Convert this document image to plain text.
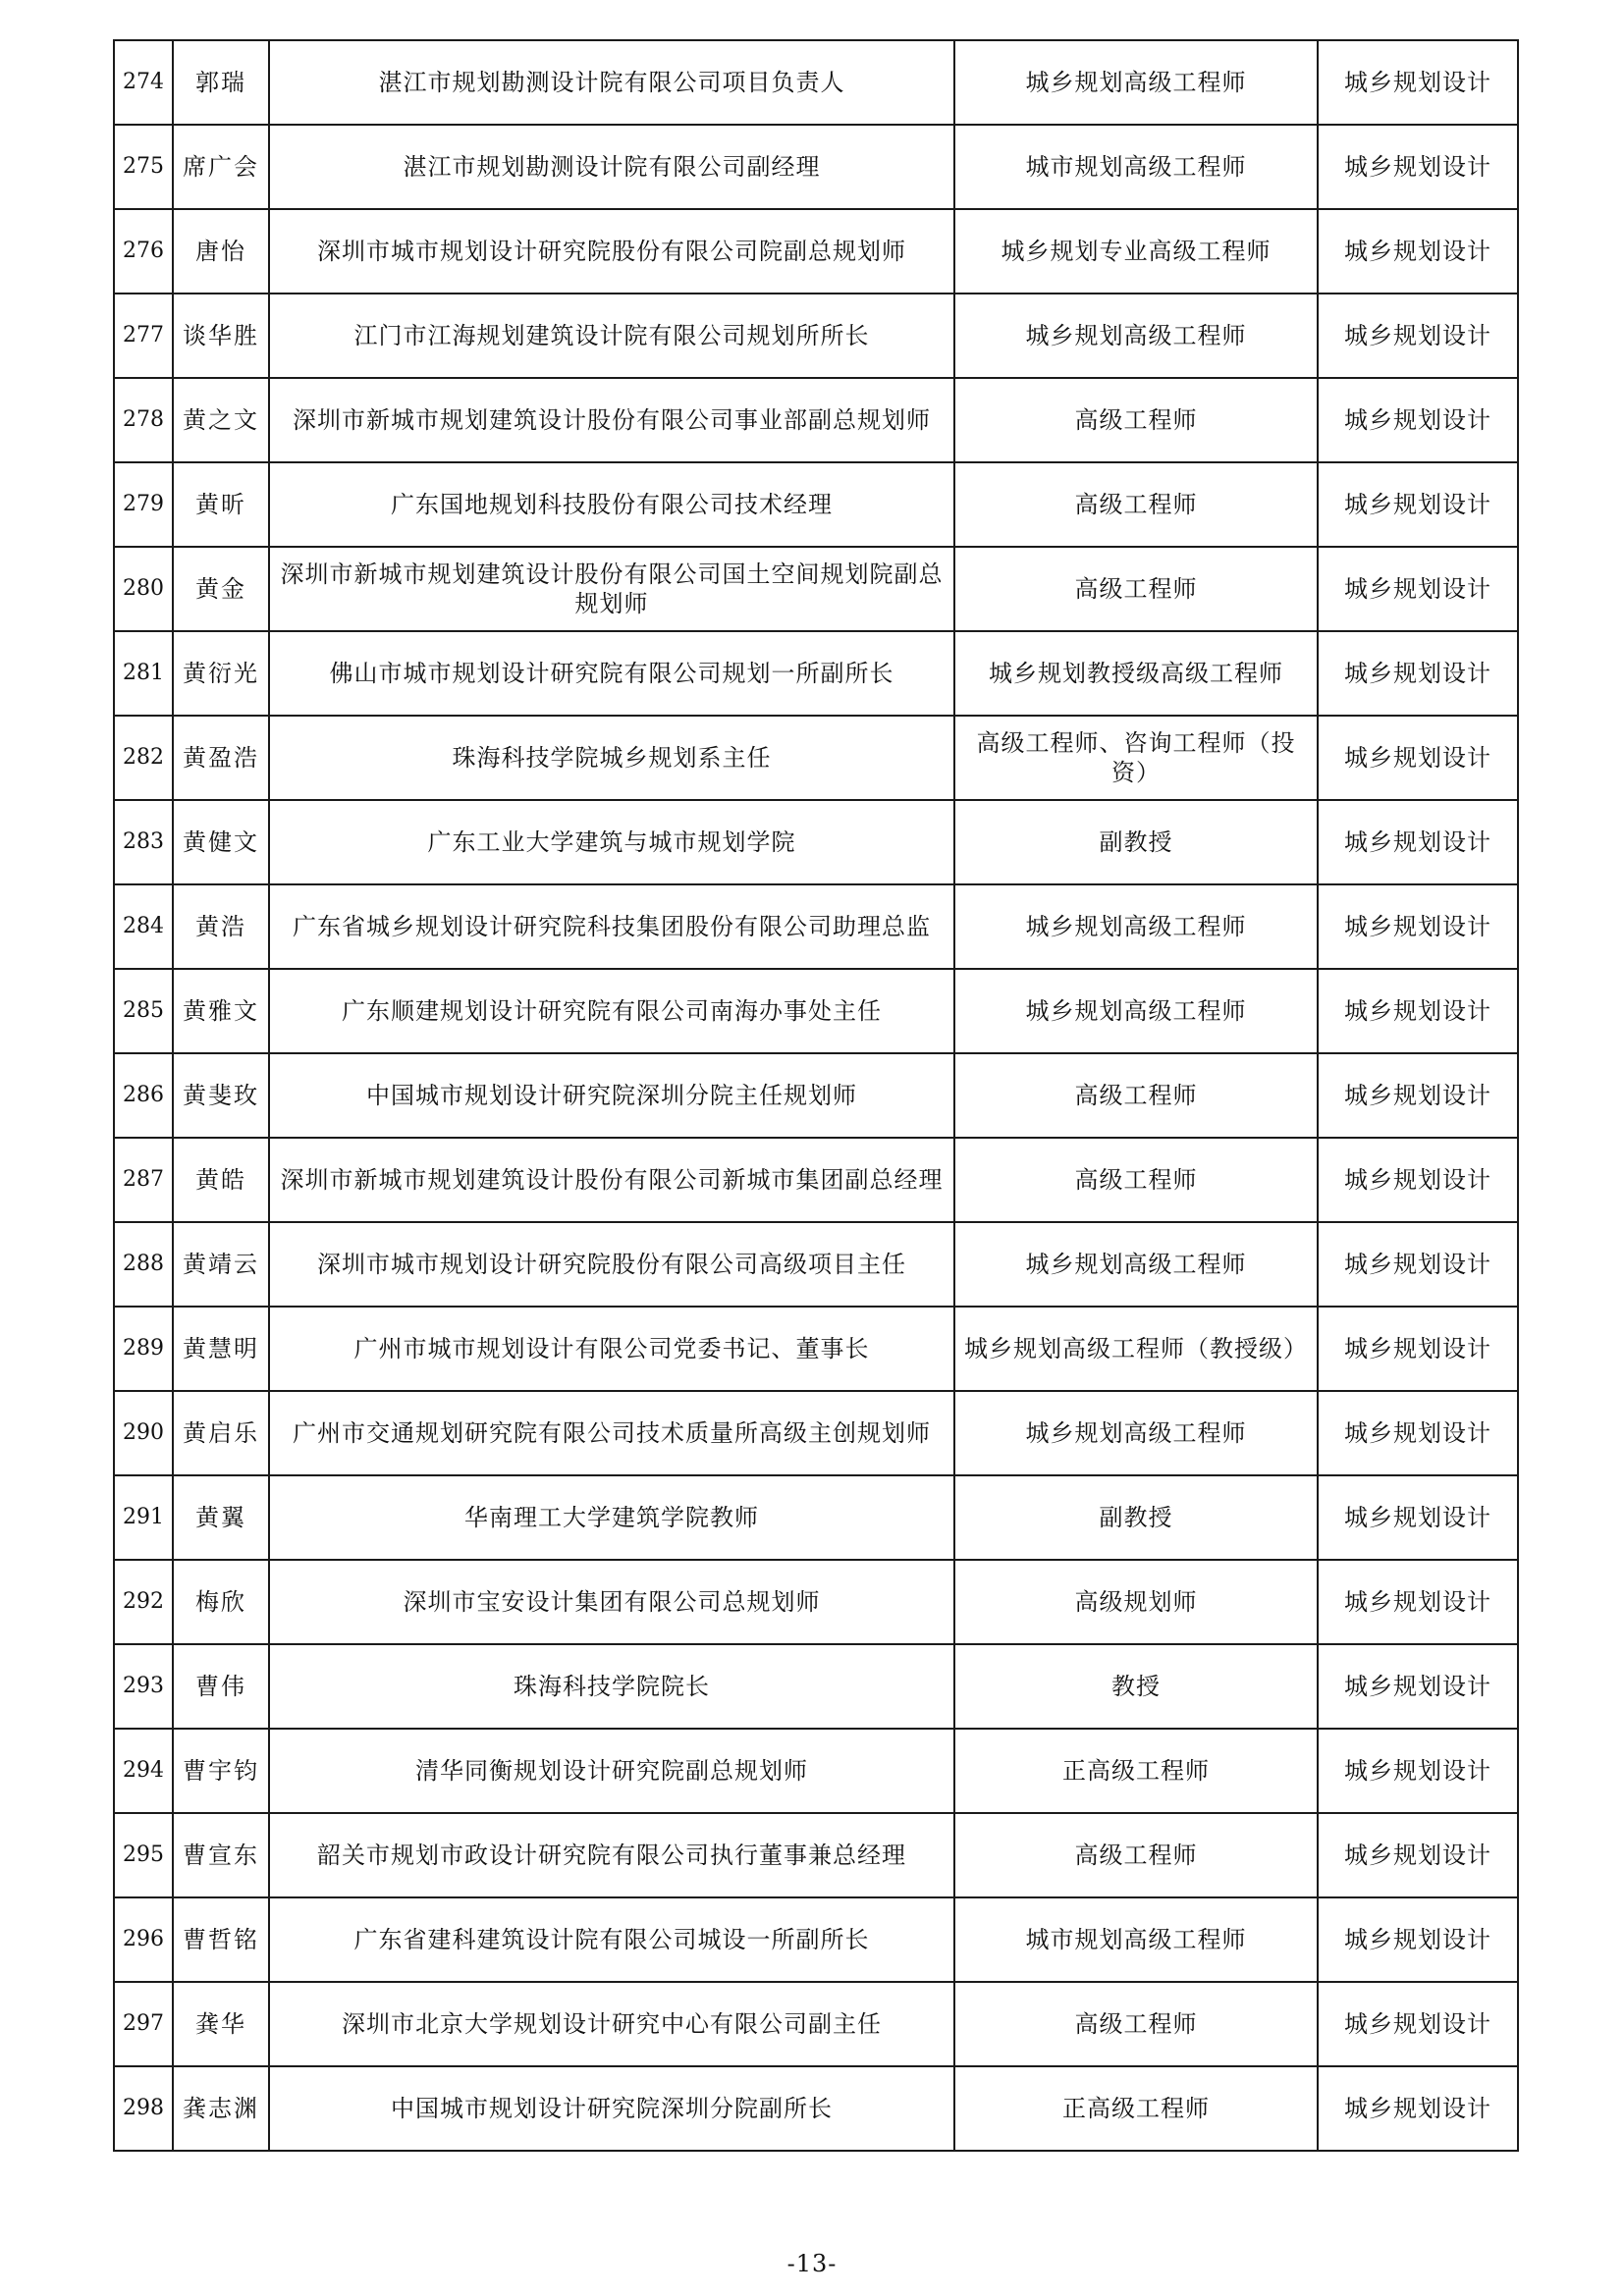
274	郭瑞	湛江市规划勘测设计院有限公司项目负责人	城乡规划高级工程师	城乡规划设计
275	席广会	湛江市规划勘测设计院有限公司副经理	城市规划高级工程师	城乡规划设计
276	唐怡	深圳市城市规划设计研究院股份有限公司院副总规划师	城乡规划专业高级工程师	城乡规划设计
277	谈华胜	江门市江海规划建筑设计院有限公司规划所所长	城乡规划高级工程师	城乡规划设计
278	黄之文	深圳市新城市规划建筑设计股份有限公司事业部副总规划师	高级工程师	城乡规划设计
279	黄昕	广东国地规划科技股份有限公司技术经理	高级工程师	城乡规划设计
280	黄金	深圳市新城市规划建筑设计股份有限公司国土空间规划院副总规划师	高级工程师	城乡规划设计
281	黄衍光	佛山市城市规划设计研究院有限公司规划一所副所长	城乡规划教授级高级工程师	城乡规划设计
282	黄盈浩	珠海科技学院城乡规划系主任	高级工程师、咨询工程师（投资）	城乡规划设计
283	黄健文	广东工业大学建筑与城市规划学院	副教授	城乡规划设计
284	黄浩	广东省城乡规划设计研究院科技集团股份有限公司助理总监	城乡规划高级工程师	城乡规划设计
285	黄雅文	广东顺建规划设计研究院有限公司南海办事处主任	城乡规划高级工程师	城乡规划设计
286	黄斐玫	中国城市规划设计研究院深圳分院主任规划师	高级工程师	城乡规划设计
287	黄皓	深圳市新城市规划建筑设计股份有限公司新城市集团副总经理	高级工程师	城乡规划设计
288	黄靖云	深圳市城市规划设计研究院股份有限公司高级项目主任	城乡规划高级工程师	城乡规划设计
289	黄慧明	广州市城市规划设计有限公司党委书记、董事长	城乡规划高级工程师（教授级）	城乡规划设计
290	黄启乐	广州市交通规划研究院有限公司技术质量所高级主创规划师	城乡规划高级工程师	城乡规划设计
291	黄翼	华南理工大学建筑学院教师	副教授	城乡规划设计
292	梅欣	深圳市宝安设计集团有限公司总规划师	高级规划师	城乡规划设计
293	曹伟	珠海科技学院院长	教授	城乡规划设计
294	曹宇钧	清华同衡规划设计研究院副总规划师	正高级工程师	城乡规划设计
295	曹宣东	韶关市规划市政设计研究院有限公司执行董事兼总经理	高级工程师	城乡规划设计
296	曹哲铭	广东省建科建筑设计院有限公司城设一所副所长	城市规划高级工程师	城乡规划设计
297	龚华	深圳市北京大学规划设计研究中心有限公司副主任	高级工程师	城乡规划设计
298	龚志渊	中国城市规划设计研究院深圳分院副所长	正高级工程师	城乡规划设计
-13-
